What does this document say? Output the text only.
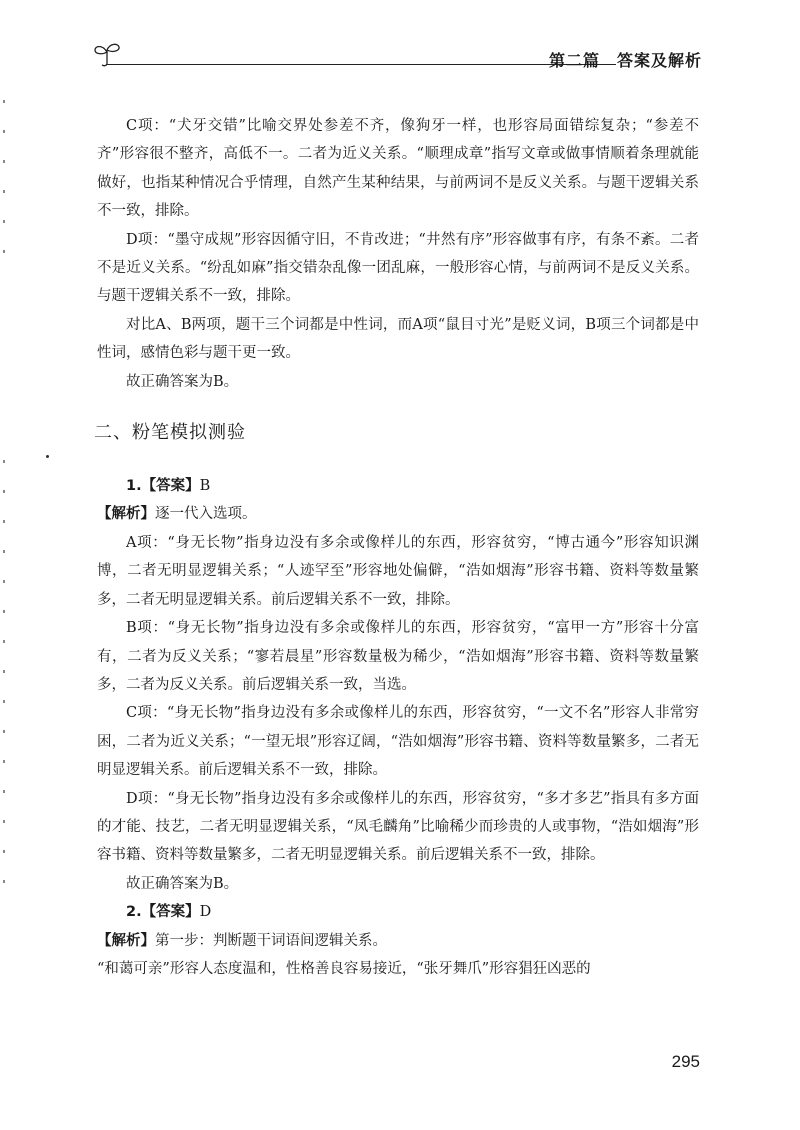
第二篇　答案及解析

C项：“犬牙交错”比喻交界处参差不齐，像狗牙一样，也形容局面错综复杂；“参差不齐”形容很不整齐，高低不一。二者为近义关系。“顺理成章”指写文章或做事情顺着条理就能做好，也指某种情况合乎情理，自然产生某种结果，与前两词不是反义关系。与题干逻辑关系不一致，排除。

D项：“墨守成规”形容因循守旧，不肯改进；“井然有序”形容做事有序，有条不紊。二者不是近义关系。“纷乱如麻”指交错杂乱像一团乱麻，一般形容心情，与前两词不是反义关系。与题干逻辑关系不一致，排除。

对比A、B两项，题干三个词都是中性词，而A项“鼠目寸光”是贬义词，B项三个词都是中性词，感情色彩与题干更一致。

故正确答案为B。

二、粉笔模拟测验

1.【答案】B

【解析】逐一代入选项。

A项：“身无长物”指身边没有多余或像样儿的东西，形容贫穷，“博古通今”形容知识渊博，二者无明显逻辑关系；“人迹罕至”形容地处偏僻，“浩如烟海”形容书籍、资料等数量繁多，二者无明显逻辑关系。前后逻辑关系不一致，排除。

B项：“身无长物”指身边没有多余或像样儿的东西，形容贫穷，“富甲一方”形容十分富有，二者为反义关系；“寥若晨星”形容数量极为稀少，“浩如烟海”形容书籍、资料等数量繁多，二者为反义关系。前后逻辑关系一致，当选。

C项：“身无长物”指身边没有多余或像样儿的东西，形容贫穷，“一文不名”形容人非常穷困，二者为近义关系；“一望无垠”形容辽阔，“浩如烟海”形容书籍、资料等数量繁多，二者无明显逻辑关系。前后逻辑关系不一致，排除。

D项：“身无长物”指身边没有多余或像样儿的东西，形容贫穷，“多才多艺”指具有多方面的才能、技艺，二者无明显逻辑关系，“凤毛麟角”比喻稀少而珍贵的人或事物，“浩如烟海”形容书籍、资料等数量繁多，二者无明显逻辑关系。前后逻辑关系不一致，排除。

故正确答案为B。

2.【答案】D

【解析】第一步：判断题干词语间逻辑关系。

“和蔼可亲”形容人态度温和，性格善良容易接近，“张牙舞爪”形容猖狂凶恶的

295
